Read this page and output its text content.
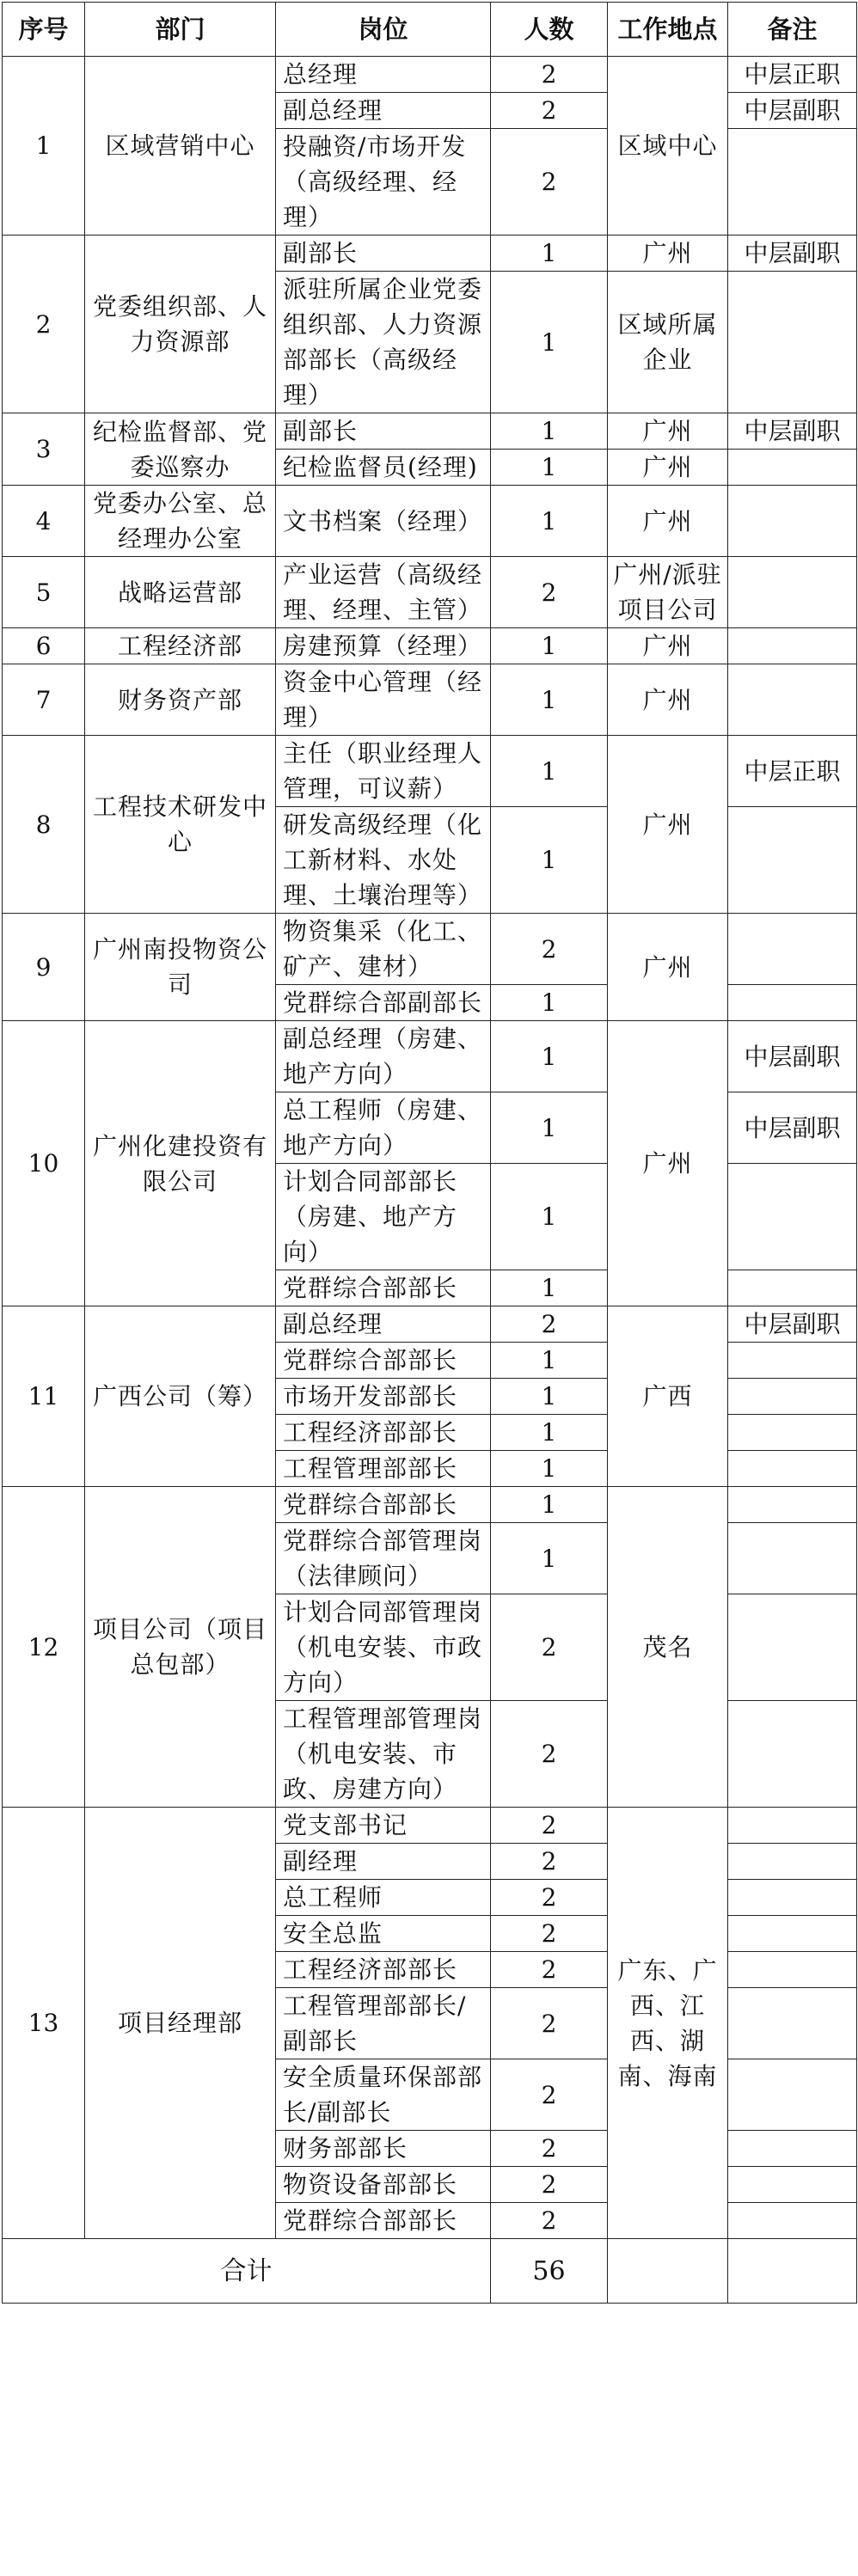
序号	部门	岗位	人数	工作地点	备注
1	区域营销中心	总经理	2	区域中心	中层正职
		副总经理	2		中层副职
		投融资/市场开发（高级经理、经理）	2		
2	党委组织部、人力资源部	副部长	1	广州	中层副职
		派驻所属企业党委组织部、人力资源部部长（高级经理）	1	区域所属企业	
3	纪检监督部、党委巡察办	副部长	1	广州	中层副职
		纪检监督员(经理)	1	广州	
4	党委办公室、总经理办公室	文书档案（经理）	1	广州	
5	战略运营部	产业运营（高级经理、经理、主管）	2	广州/派驻项目公司	
6	工程经济部	房建预算（经理）	1	广州	
7	财务资产部	资金中心管理（经理）	1	广州	
8	工程技术研发中心	主任（职业经理人管理，可议薪）	1	广州	中层正职
		研发高级经理（化工新材料、水处理、土壤治理等）	1		
9	广州南投物资公司	物资集采（化工、矿产、建材）	2	广州	
		党群综合部副部长	1		
10	广州化建投资有限公司	副总经理（房建、地产方向）	1	广州	中层副职
		总工程师（房建、地产方向）	1		中层副职
		计划合同部部长（房建、地产方向）	1		
		党群综合部部长	1		
11	广西公司（筹）	副总经理	2	广西	中层副职
		党群综合部部长	1		
		市场开发部部长	1		
		工程经济部部长	1		
		工程管理部部长	1		
12	项目公司（项目总包部）	党群综合部部长	1	茂名	
		党群综合部管理岗（法律顾问）	1		
		计划合同部管理岗（机电安装、市政方向）	2		
		工程管理部管理岗（机电安装、市政、房建方向）	2		
13	项目经理部	党支部书记	2	广东、广西、江西、湖南、海南	
		副经理	2		
		总工程师	2		
		安全总监	2		
		工程经济部部长	2		
		工程管理部部长/副部长	2		
		安全质量环保部部长/副部长	2		
		财务部部长	2		
		物资设备部部长	2		
		党群综合部部长	2		
合计			56		
